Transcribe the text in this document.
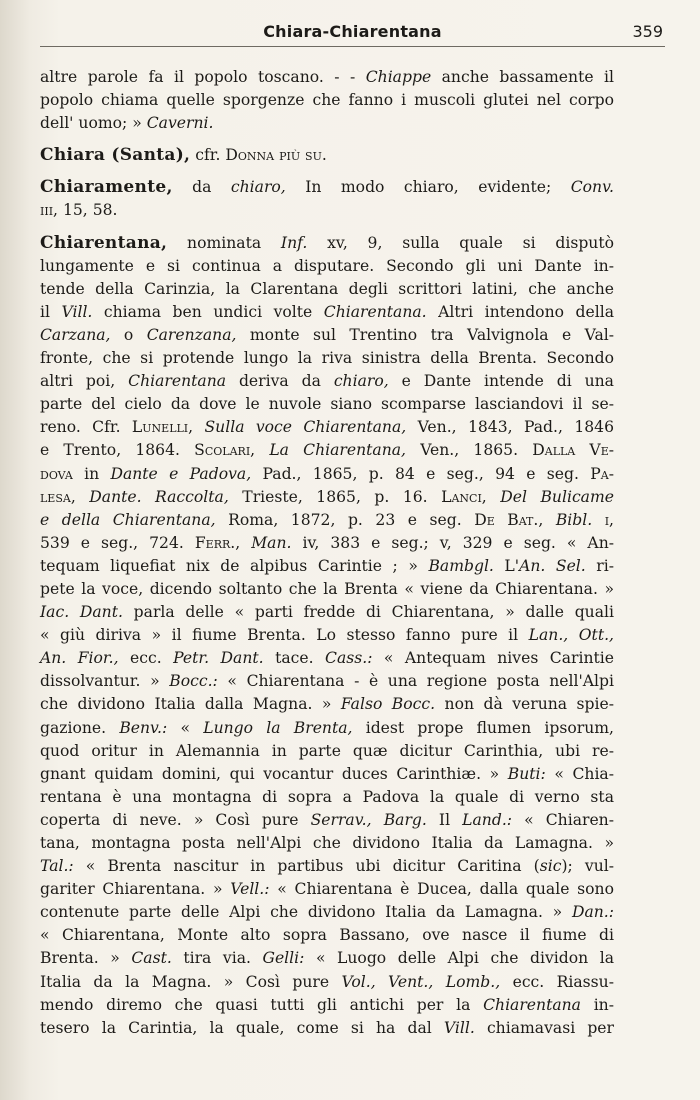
Chiara-Chiarentana	359

altre parole fa il popolo toscano. - - Chiappe anche bassamente il
popolo chiama quelle sporgenze che fanno i muscoli glutei nel corpo
dell' uomo; » Caverni.

Chiara (Santa), cfr. Donna più su.

Chiaramente, da chiaro, In modo chiaro, evidente; Conv.
iii, 15, 58.

Chiarentana, nominata Inf. xv, 9, sulla quale si disputò
lungamente e si continua a disputare. Secondo gli uni Dante in-
tende della Carinzia, la Clarentana degli scrittori latini, che anche
il Vill. chiama ben undici volte Chiarentana. Altri intendono della
Carzana, o Carenzana, monte sul Trentino tra Valvignola e Val-
fronte, che si protende lungo la riva sinistra della Brenta. Secondo
altri poi, Chiarentana deriva da chiaro, e Dante intende di una
parte del cielo da dove le nuvole siano scomparse lasciandovi il se-
reno. Cfr. Lunelli, Sulla voce Chiarentana, Ven., 1843, Pad., 1846
e Trento, 1864. Scolari, La Chiarentana, Ven., 1865. Dalla Ve-
dova in Dante e Padova, Pad., 1865, p. 84 e seg., 94 e seg. Pa-
lesa, Dante. Raccolta, Trieste, 1865, p. 16. Lanci, Del Bulicame
e della Chiarentana, Roma, 1872, p. 23 e seg. De Bat., Bibl. i,
539 e seg., 724. Ferr., Man. iv, 383 e seg.; v, 329 e seg. « An-
tequam liquefiat nix de alpibus Carintie ; » Bambgl. L'An. Sel. ri-
pete la voce, dicendo soltanto che la Brenta « viene da Chiarentana. »
Iac. Dant. parla delle « parti fredde di Chiarentana, » dalle quali
« giù diriva » il fiume Brenta. Lo stesso fanno pure il Lan., Ott.,
An. Fior., ecc. Petr. Dant. tace. Cass.: « Antequam nives Carintie
dissolvantur. » Bocc.: « Chiarentana - è una regione posta nell'Alpi
che dividono Italia dalla Magna. » Falso Bocc. non dà veruna spie-
gazione. Benv.: « Lungo la Brenta, idest prope flumen ipsorum,
quod oritur in Alemannia in parte quæ dicitur Carinthia, ubi re-
gnant quidam domini, qui vocantur duces Carinthiæ. » Buti: « Chia-
rentana è una montagna di sopra a Padova la quale di verno sta
coperta di neve. » Così pure Serrav., Barg. Il Land.: « Chiaren-
tana, montagna posta nell'Alpi che dividono Italia da Lamagna. »
Tal.: « Brenta nascitur in partibus ubi dicitur Caritina (sic); vul-
gariter Chiarentana. » Vell.: « Chiarentana è Ducea, dalla quale sono
contenute parte delle Alpi che dividono Italia da Lamagna. » Dan.:
« Chiarentana, Monte alto sopra Bassano, ove nasce il fiume di
Brenta. » Cast. tira via. Gelli: « Luogo delle Alpi che dividon la
Italia da la Magna. » Così pure Vol., Vent., Lomb., ecc. Riassu-
mendo diremo che quasi tutti gli antichi per la Chiarentana in-
tesero la Carintia, la quale, come si ha dal Vill. chiamavasi per
